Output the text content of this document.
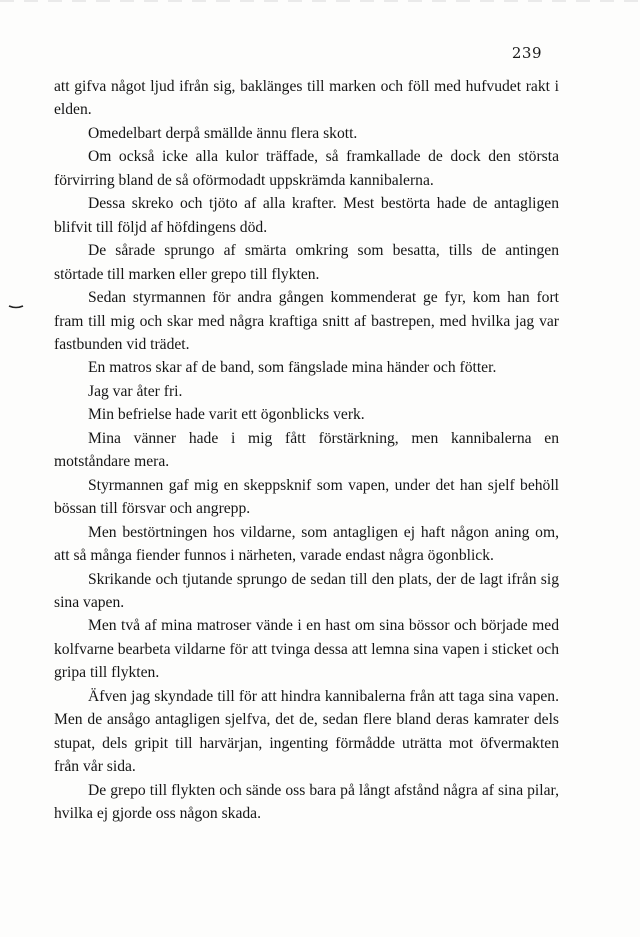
239

att gifva något ljud ifrån sig, baklänges till marken och föll med hufvudet rakt i elden.

Omedelbart derpå smällde ännu flera skott.

Om också icke alla kulor träffade, så framkallade de dock den största förvirring bland de så oförmodadt uppskrämda kannibalerna.

Dessa skreko och tjöto af alla krafter. Mest bestörta hade de antagligen blifvit till följd af höfdingens död.

De sårade sprungo af smärta omkring som besatta, tills de antingen störtade till marken eller grepo till flykten.

Sedan styrmannen för andra gången kommenderat ge fyr, kom han fort fram till mig och skar med några kraftiga snitt af bastrepen, med hvilka jag var fastbunden vid trädet.

En matros skar af de band, som fängslade mina händer och fötter.

Jag var åter fri.

Min befrielse hade varit ett ögonblicks verk.

Mina vänner hade i mig fått förstärkning, men kannibalerna en motståndare mera.

Styrmannen gaf mig en skeppsknif som vapen, under det han sjelf behöll bössan till försvar och angrepp.

Men bestörtningen hos vildarne, som antagligen ej haft någon aning om, att så många fiender funnos i närheten, varade endast några ögonblick.

Skrikande och tjutande sprungo de sedan till den plats, der de lagt ifrån sig sina vapen.

Men två af mina matroser vände i en hast om sina bössor och började med kolfvarne bearbeta vildarne för att tvinga dessa att lemna sina vapen i sticket och gripa till flykten.

Äfven jag skyndade till för att hindra kannibalerna från att taga sina vapen. Men de ansågo antagligen sjelfva, det de, sedan flere bland deras kamrater dels stupat, dels gripit till harvärjan, ingenting förmådde uträtta mot öfvermakten från vår sida.

De grepo till flykten och sände oss bara på långt afstånd några af sina pilar, hvilka ej gjorde oss någon skada.
